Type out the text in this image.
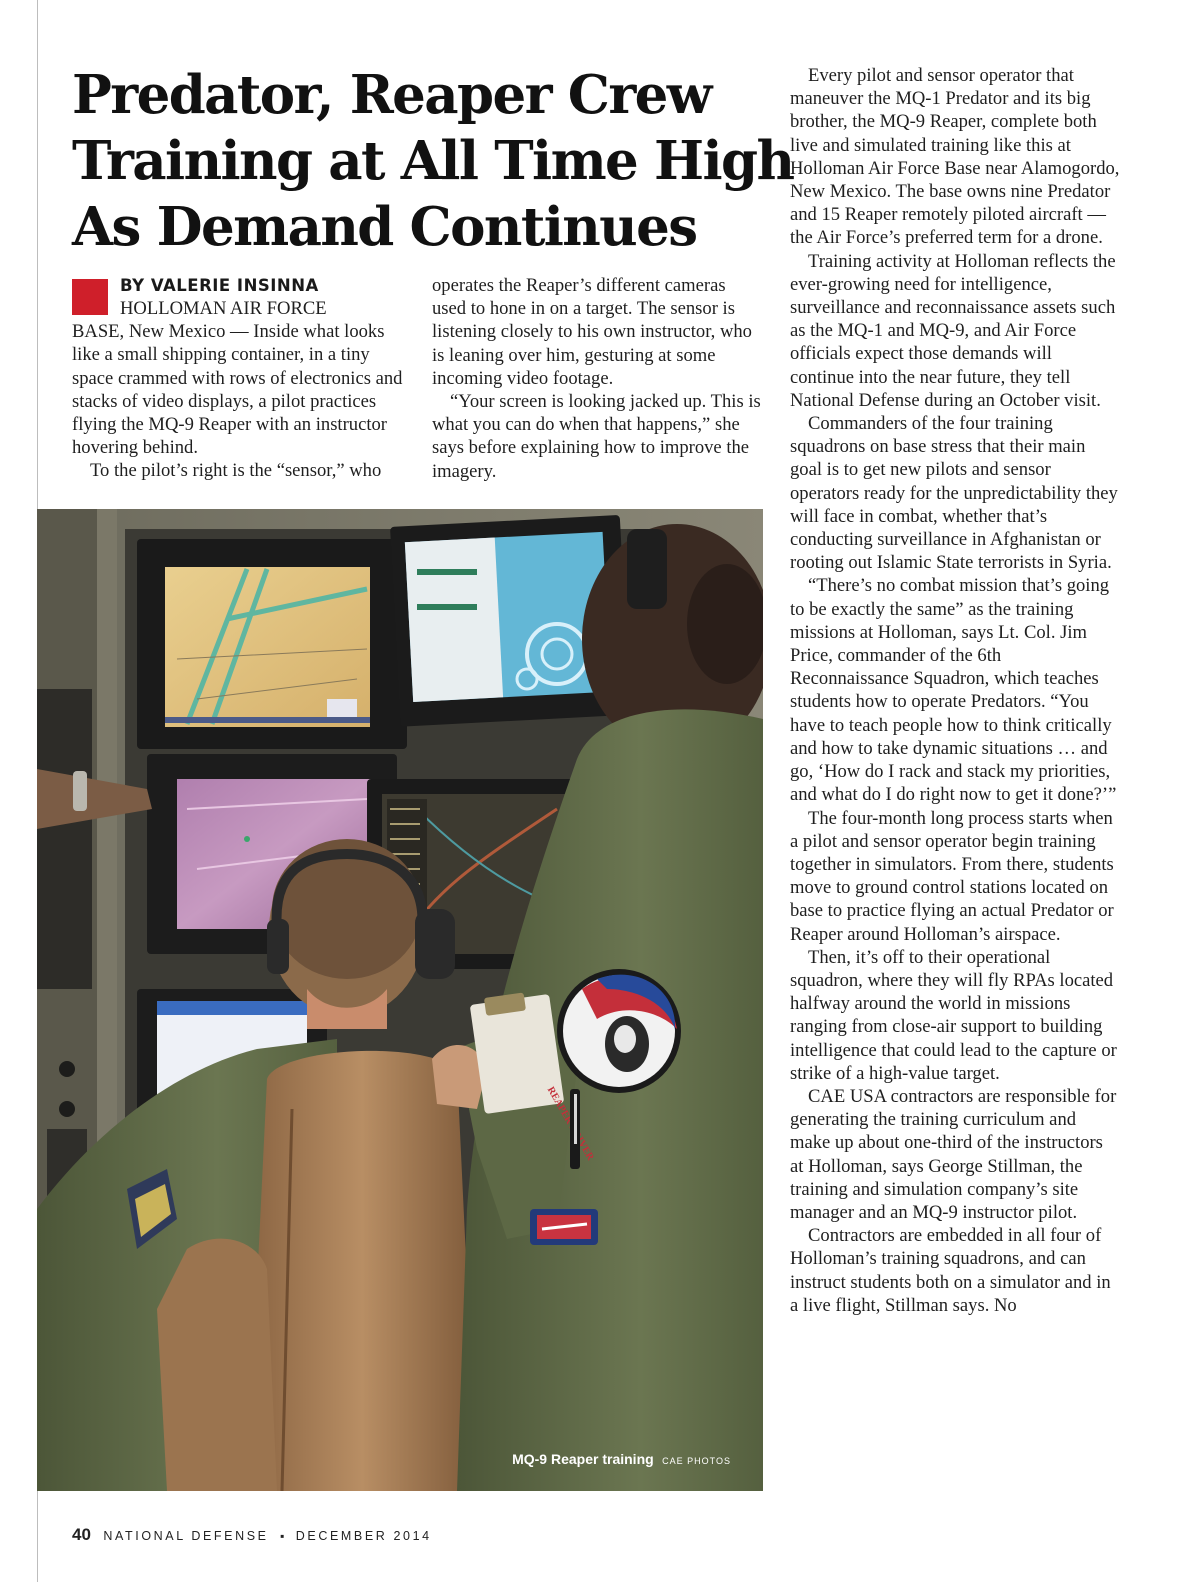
Predator, Reaper Crew
Training at All Time High
As Demand Continues
BY VALERIE INSINNA
HOLLOMAN AIR FORCE

BASE, New Mexico — Inside what looks like a small shipping container, in a tiny space crammed with rows of electronics and stacks of video displays, a pilot practices flying the MQ-9 Reaper with an instructor hovering behind.

To the pilot’s right is the “sensor,” who

operates the Reaper’s different cameras used to hone in on a target. The sensor is listening closely to his own instructor, who is leaning over him, gesturing at some incoming video footage.

“Your screen is looking jacked up. This is what you can do when that happens,” she says before explaining how to improve the imagery.

Every pilot and sensor operator that maneuver the MQ-1 Predator and its big brother, the MQ-9 Reaper, complete both live and simulated training like this at Holloman Air Force Base near Alamogordo, New Mexico. The base owns nine Predator and 15 Reaper remotely piloted aircraft — the Air Force’s preferred term for a drone.

Training activity at Holloman reflects the ever-growing need for intelligence, surveillance and reconnaissance assets such as the MQ-1 and MQ-9, and Air Force officials expect those demands will continue into the near future, they tell National Defense during an October visit.

Commanders of the four training squadrons on base stress that their main goal is to get new pilots and sensor operators ready for the unpredictability they will face in combat, whether that’s conducting surveillance in Afghanistan or rooting out Islamic State terrorists in Syria.

“There’s no combat mission that’s going to be exactly the same” as the training missions at Holloman, says Lt. Col. Jim Price, commander of the 6th Reconnaissance Squadron, which teaches students how to operate Predators. “You have to teach people how to think critically and how to take dynamic situations … and go, ‘How do I rack and stack my priorities, and what do I do right now to get it done?’”

The four-month long process starts when a pilot and sensor operator begin training together in simulators. From there, students move to ground control stations located on base to practice flying an actual Predator or Reaper around Holloman’s airspace.

Then, it’s off to their operational squadron, where they will fly RPAs located halfway around the world in missions ranging from close-air support to building intelligence that could lead to the capture or strike of a high-value target.

CAE USA contractors are responsible for generating the training curriculum and make up about one-third of the instructors at Holloman, says George Stillman, the training and simulation company’s site manager and an MQ-9 instructor pilot.

Contractors are embedded in all four of Holloman’s training squadrons, and can instruct students both on a simulator and in a live flight, Stillman says. No

REAPER DRIVER
MQ-9 Reaper training CAE PHOTOS
40 NATIONAL DEFENSE ▪ DECEMBER 2014
